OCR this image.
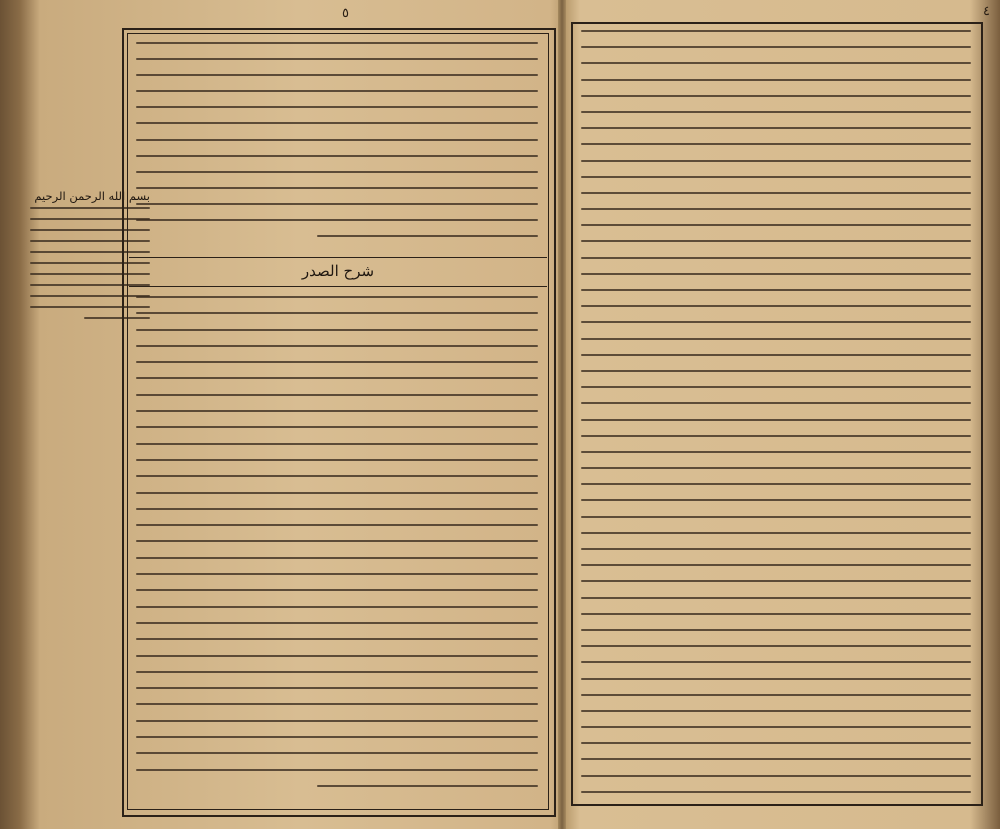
٥
بسم الله الرحمن الرحيم
شرح الصدر
٤
